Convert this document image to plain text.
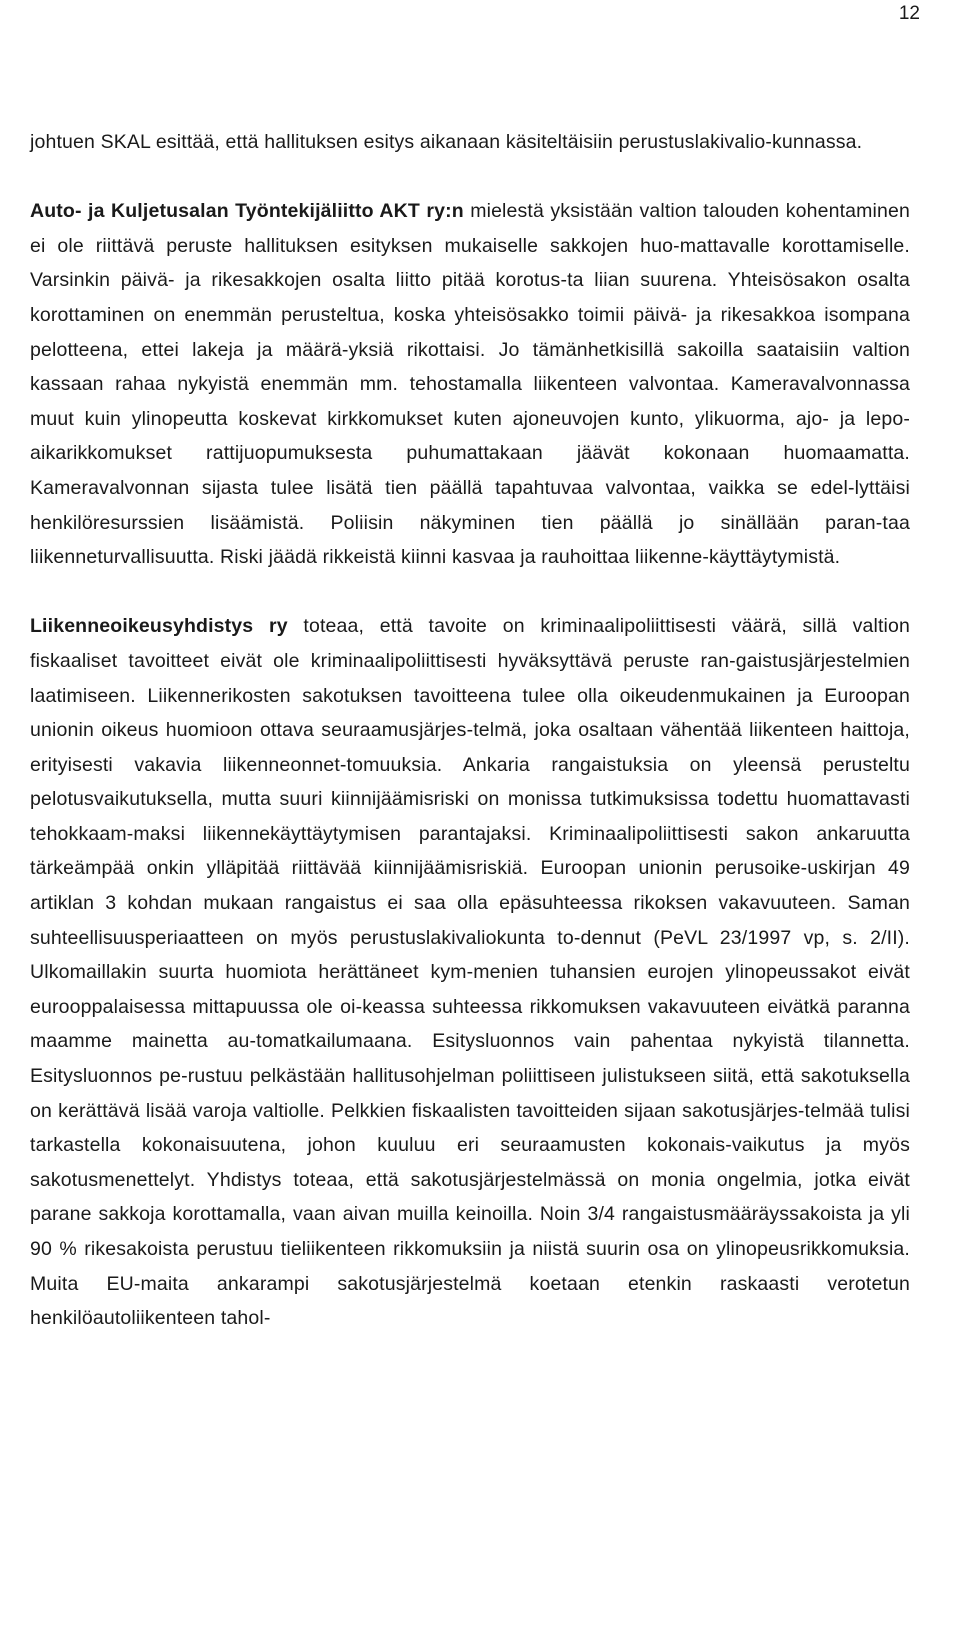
12

johtuen SKAL esittää, että hallituksen esitys aikanaan käsiteltäisiin perustuslakivalio-kunnassa.

Auto- ja Kuljetusalan Työntekijäliitto AKT ry:n mielestä yksistään valtion talouden kohentaminen ei ole riittävä peruste hallituksen esityksen mukaiselle sakkojen huo-mattavalle korottamiselle. Varsinkin päivä- ja rikesakkojen osalta liitto pitää korotus-ta liian suurena. Yhteisösakon osalta korottaminen on enemmän perusteltua, koska yhteisösakko toimii päivä- ja rikesakkoa isompana pelotteena, ettei lakeja ja määrä-yksiä rikottaisi. Jo tämänhetkisillä sakoilla saataisiin valtion kassaan rahaa nykyistä enemmän mm. tehostamalla liikenteen valvontaa. Kameravalvonnassa muut kuin ylinopeutta koskevat kirkkomukset kuten ajoneuvojen kunto, ylikuorma, ajo- ja lepo-aikarikkomukset rattijuopumuksesta puhumattakaan jäävät kokonaan huomaamatta. Kameravalvonnan sijasta tulee lisätä tien päällä tapahtuvaa valvontaa, vaikka se edel-lyttäisi henkilöresurssien lisäämistä. Poliisin näkyminen tien päällä jo sinällään paran-taa liikenneturvallisuutta. Riski jäädä rikkeistä kiinni kasvaa ja rauhoittaa liikenne-käyttäytymistä.

Liikenneoikeusyhdistys ry toteaa, että tavoite on kriminaalipoliittisesti väärä, sillä valtion fiskaaliset tavoitteet eivät ole kriminaalipoliittisesti hyväksyttävä peruste ran-gaistusjärjestelmien laatimiseen. Liikennerikosten sakotuksen tavoitteena tulee olla oikeudenmukainen ja Euroopan unionin oikeus huomioon ottava seuraamusjärjes-telmä, joka osaltaan vähentää liikenteen haittoja, erityisesti vakavia liikenneonnet-tomuuksia. Ankaria rangaistuksia on yleensä perusteltu pelotusvaikutuksella, mutta suuri kiinnijäämisriski on monissa tutkimuksissa todettu huomattavasti tehokkaam-maksi liikennekäyttäytymisen parantajaksi. Kriminaalipoliittisesti sakon ankaruutta tärkeämpää onkin ylläpitää riittävää kiinnijäämisriskiä. Euroopan unionin perusoike-uskirjan 49 artiklan 3 kohdan mukaan rangaistus ei saa olla epäsuhteessa rikoksen vakavuuteen. Saman suhteellisuusperiaatteen on myös perustuslakivaliokunta to-dennut (PeVL 23/1997 vp, s. 2/II). Ulkomaillakin suurta huomiota herättäneet kym-menien tuhansien eurojen ylinopeussakot eivät eurooppalaisessa mittapuussa ole oi-keassa suhteessa rikkomuksen vakavuuteen eivätkä paranna maamme mainetta au-tomatkailumaana. Esitysluonnos vain pahentaa nykyistä tilannetta. Esitysluonnos pe-rustuu pelkästään hallitusohjelman poliittiseen julistukseen siitä, että sakotuksella on kerättävä lisää varoja valtiolle. Pelkkien fiskaalisten tavoitteiden sijaan sakotusjärjes-telmää tulisi tarkastella kokonaisuutena, johon kuuluu eri seuraamusten kokonais-vaikutus ja myös sakotusmenettelyt. Yhdistys toteaa, että sakotusjärjestelmässä on monia ongelmia, jotka eivät parane sakkoja korottamalla, vaan aivan muilla keinoilla. Noin 3/4 rangaistusmääräyssakoista ja yli 90 % rikesakoista perustuu tieliikenteen rikkomuksiin ja niistä suurin osa on ylinopeusrikkomuksia. Muita EU-maita ankarampi sakotusjärjestelmä koetaan etenkin raskaasti verotetun henkilöautoliikenteen tahol-
